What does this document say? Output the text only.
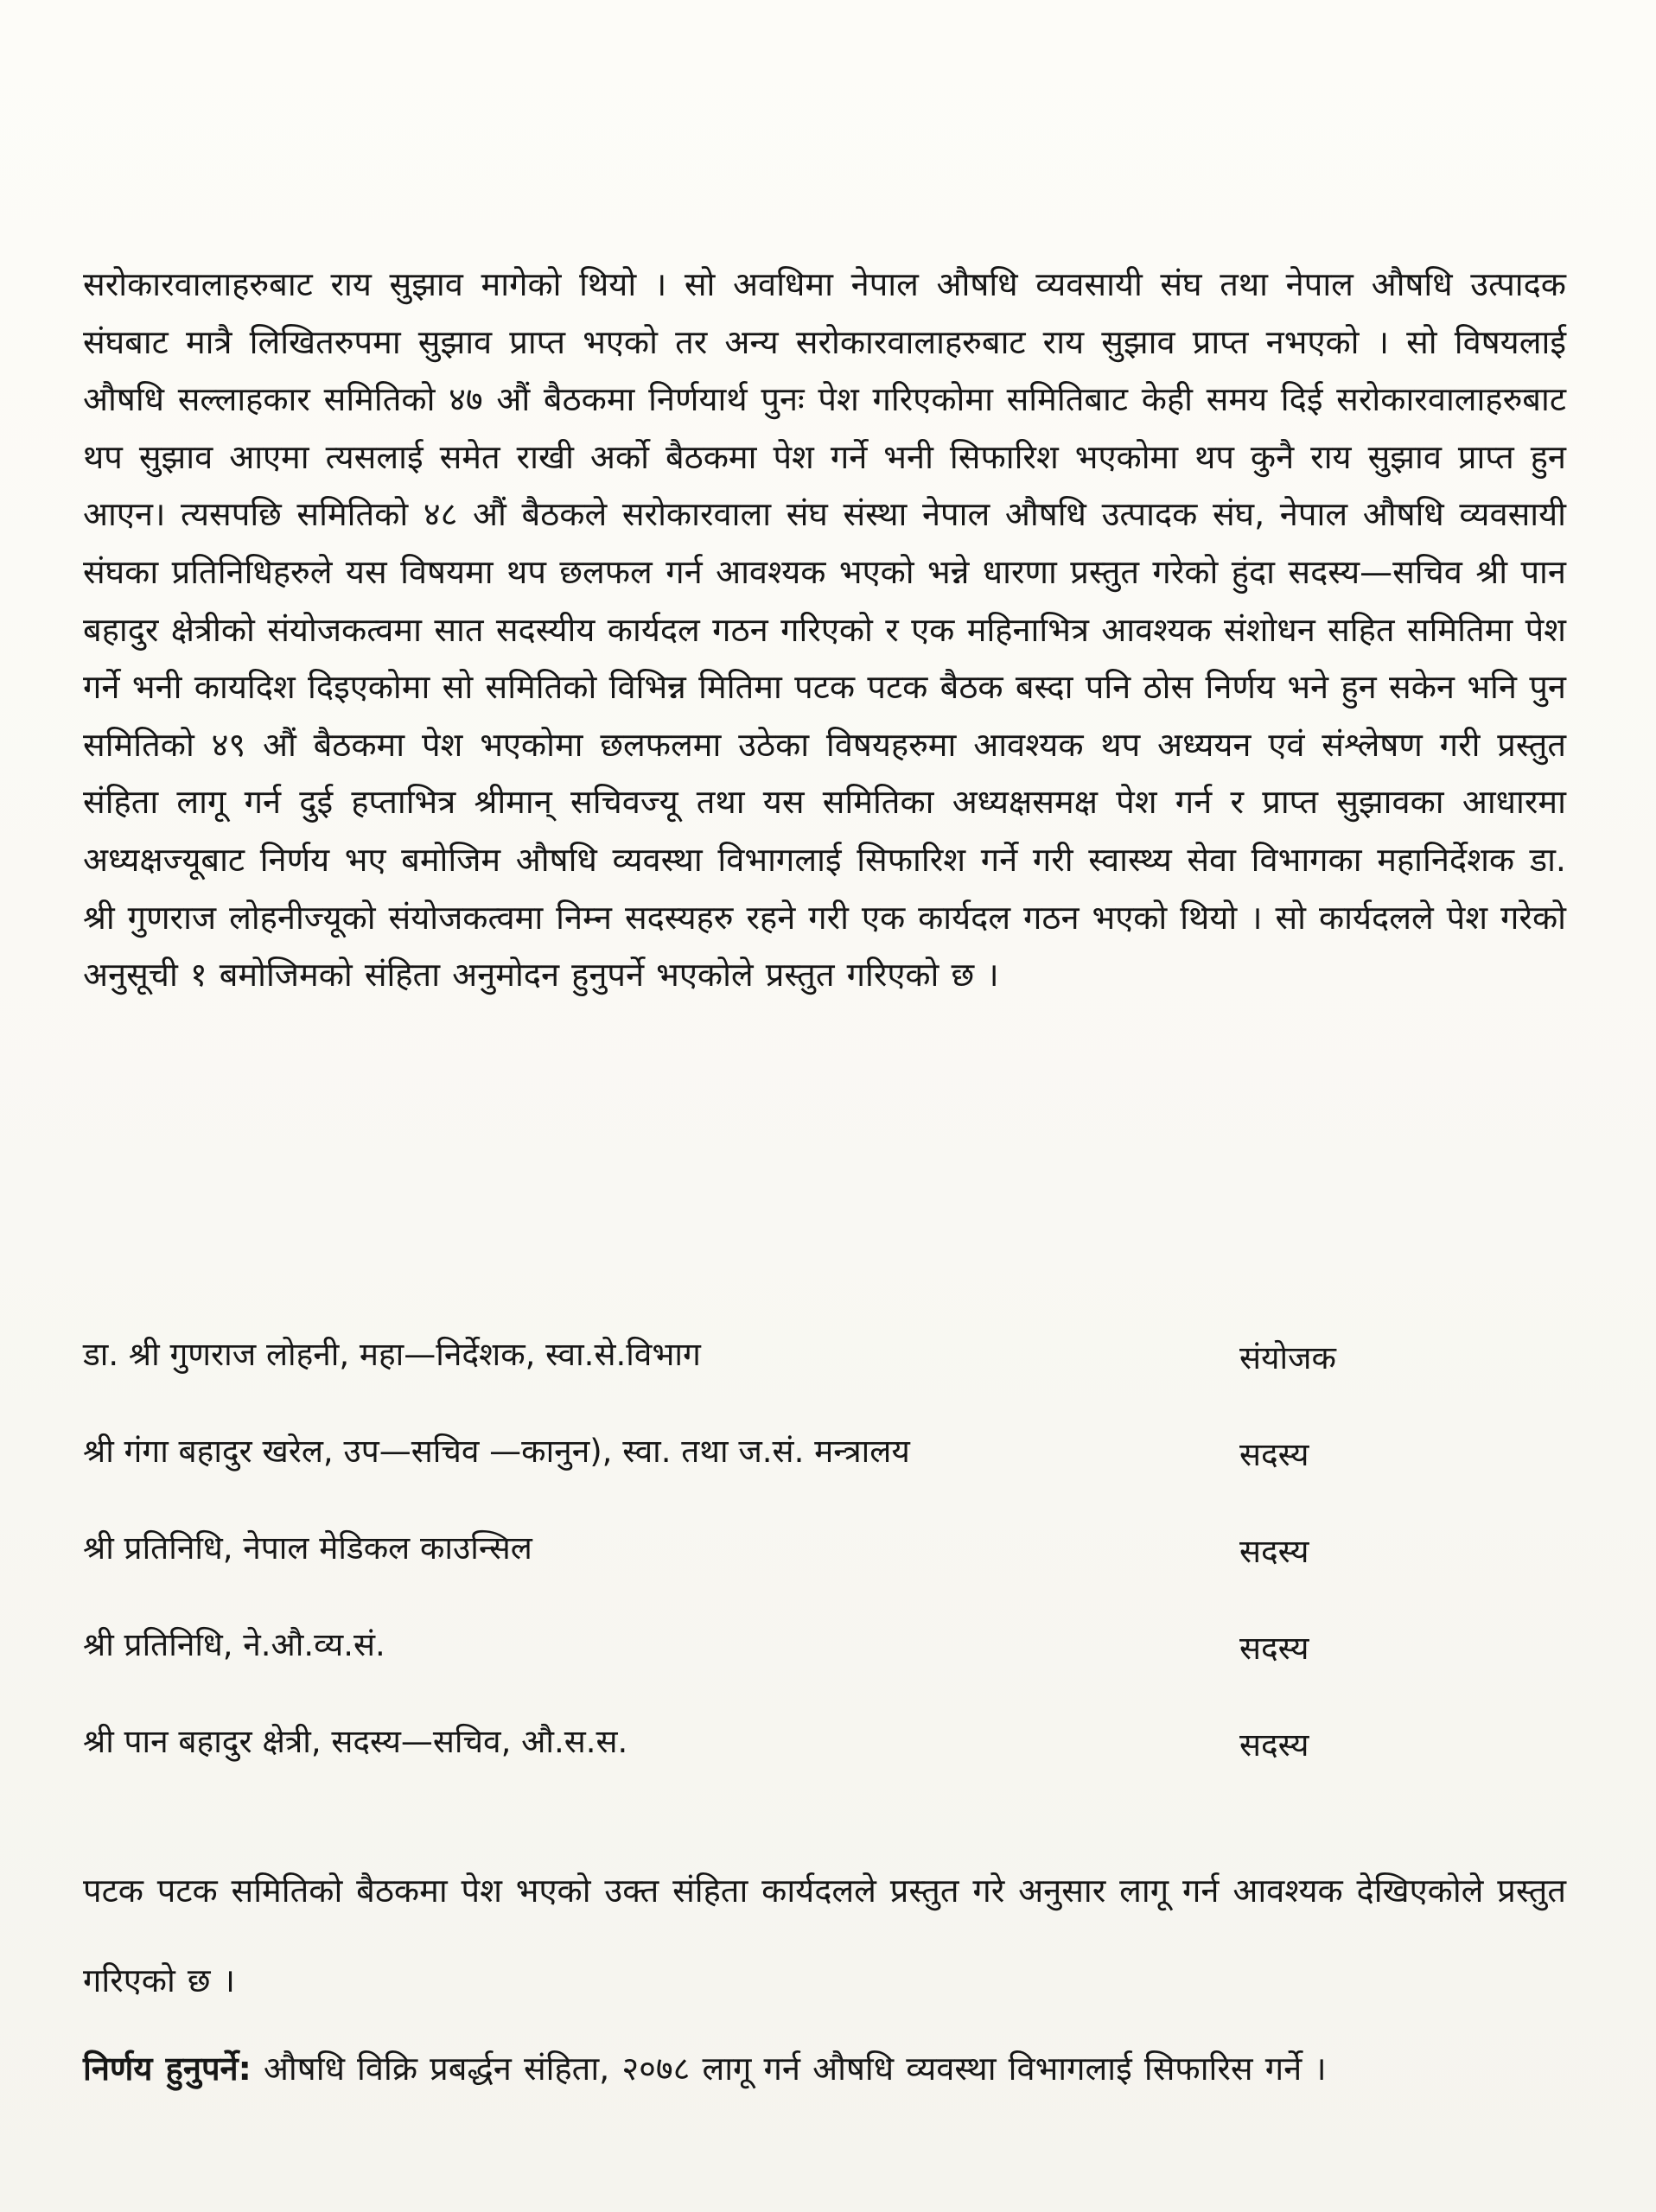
सरोकारवालाहरुबाट राय सुझाव मागेको थियो । सो अवधिमा नेपाल औषधि व्यवसायी संघ तथा नेपाल औषधि उत्पादक संघबाट मात्रै लिखितरुपमा सुझाव प्राप्त भएको तर अन्य सरोकारवालाहरुबाट राय सुझाव प्राप्त नभएको । सो विषयलाई औषधि सल्लाहकार समितिको ४७ औं बैठकमा निर्णयार्थ पुनः पेश गरिएकोमा समितिबाट केही समय दिई सरोकारवालाहरुबाट थप सुझाव आएमा त्यसलाई समेत राखी अर्को बैठकमा पेश गर्ने भनी सिफारिश भएकोमा थप कुनै राय सुझाव प्राप्त हुन आएन। त्यसपछि समितिको ४८ औं बैठकले सरोकारवाला संघ संस्था नेपाल औषधि उत्पादक संघ, नेपाल औषधि व्यवसायी संघका प्रतिनिधिहरुले यस विषयमा थप छलफल गर्न आवश्यक भएको भन्ने धारणा प्रस्तुत गरेको हुंदा सदस्य—सचिव श्री पान बहादुर क्षेत्रीको संयोजकत्वमा सात सदस्यीय कार्यदल गठन गरिएको र एक महिनाभित्र आवश्यक संशोधन सहित समितिमा पेश गर्ने भनी कायदिश दिइएकोमा सो समितिको विभिन्न मितिमा पटक पटक बैठक बस्दा पनि ठोस निर्णय भने हुन सकेन भनि पुन समितिको ४९ औं बैठकमा पेश भएकोमा छलफलमा उठेका विषयहरुमा आवश्यक थप अध्ययन एवं संश्लेषण गरी प्रस्तुत संहिता लागू गर्न दुई हप्ताभित्र श्रीमान् सचिवज्यू तथा यस समितिका अध्यक्षसमक्ष पेश गर्न र प्राप्त सुझावका आधारमा अध्यक्षज्यूबाट निर्णय भए बमोजिम औषधि व्यवस्था विभागलाई सिफारिश गर्ने गरी स्वास्थ्य सेवा विभागका महानिर्देशक डा. श्री गुणराज लोहनीज्यूको संयोजकत्वमा निम्न सदस्यहरु रहने गरी एक कार्यदल गठन भएको थियो । सो कार्यदलले पेश गरेको अनुसूची १ बमोजिमको संहिता अनुमोदन हुनुपर्ने भएकोले प्रस्तुत गरिएको छ ।

डा. श्री गुणराज लोहनी, महा—निर्देशक, स्वा.से.विभाग	संयोजक
श्री गंगा बहादुर खरेल, उप—सचिव —कानुन), स्वा. तथा ज.सं. मन्त्रालय	सदस्य
श्री प्रतिनिधि, नेपाल मेडिकल काउन्सिल	सदस्य
श्री प्रतिनिधि, ने.औ.व्य.सं.	सदस्य
श्री पान बहादुर क्षेत्री, सदस्य—सचिव, औ.स.स.	सदस्य

पटक पटक समितिको बैठकमा पेश भएको उक्त संहिता कार्यदलले प्रस्तुत गरे अनुसार लागू गर्न आवश्यक देखिएकोले प्रस्तुत गरिएको छ ।

निर्णय हुनुपर्ने: औषधि विक्रि प्रबर्द्धन संहिता, २०७८ लागू गर्न औषधि व्यवस्था विभागलाई सिफारिस गर्ने ।
